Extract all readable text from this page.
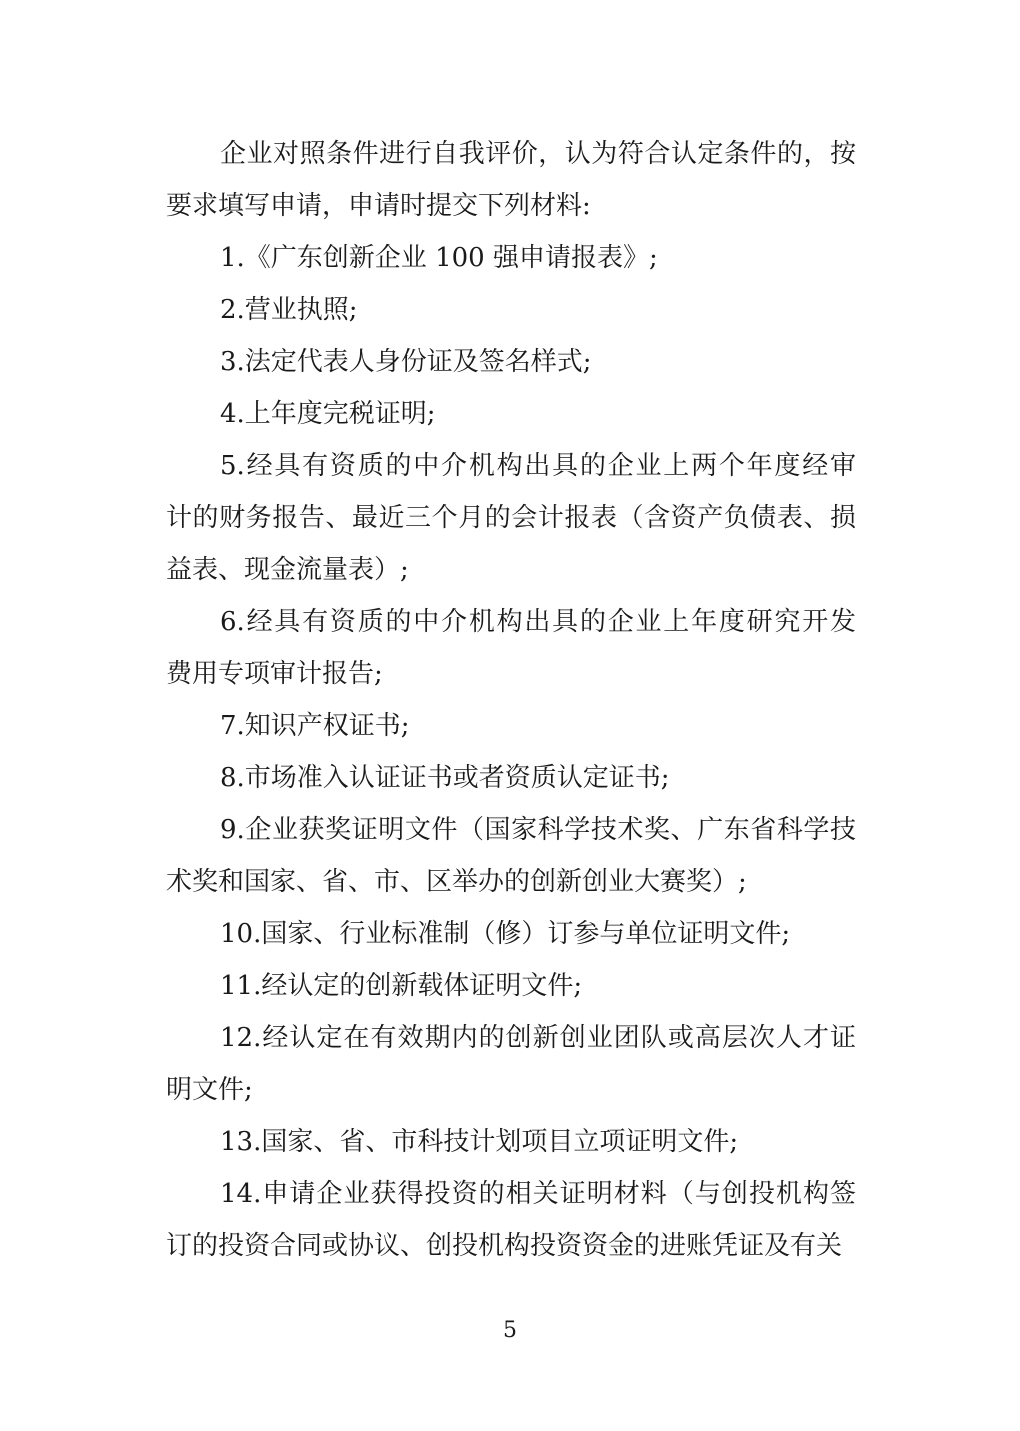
企业对照条件进行自我评价，认为符合认定条件的，按
要求填写申请，申请时提交下列材料:
1.《广东创新企业 100 强申请报表》;
2.营业执照;
3.法定代表人身份证及签名样式;
4.上年度完税证明;
5.经具有资质的中介机构出具的企业上两个年度经审
计的财务报告、最近三个月的会计报表（含资产负债表、损
益表、现金流量表）;
6.经具有资质的中介机构出具的企业上年度研究开发
费用专项审计报告;
7.知识产权证书;
8.市场准入认证证书或者资质认定证书;
9.企业获奖证明文件（国家科学技术奖、广东省科学技
术奖和国家、省、市、区举办的创新创业大赛奖）;
10.国家、行业标准制（修）订参与单位证明文件;
11.经认定的创新载体证明文件;
12.经认定在有效期内的创新创业团队或高层次人才证
明文件;
13.国家、省、市科技计划项目立项证明文件;
14.申请企业获得投资的相关证明材料（与创投机构签
订的投资合同或协议、创投机构投资资金的进账凭证及有关
5
